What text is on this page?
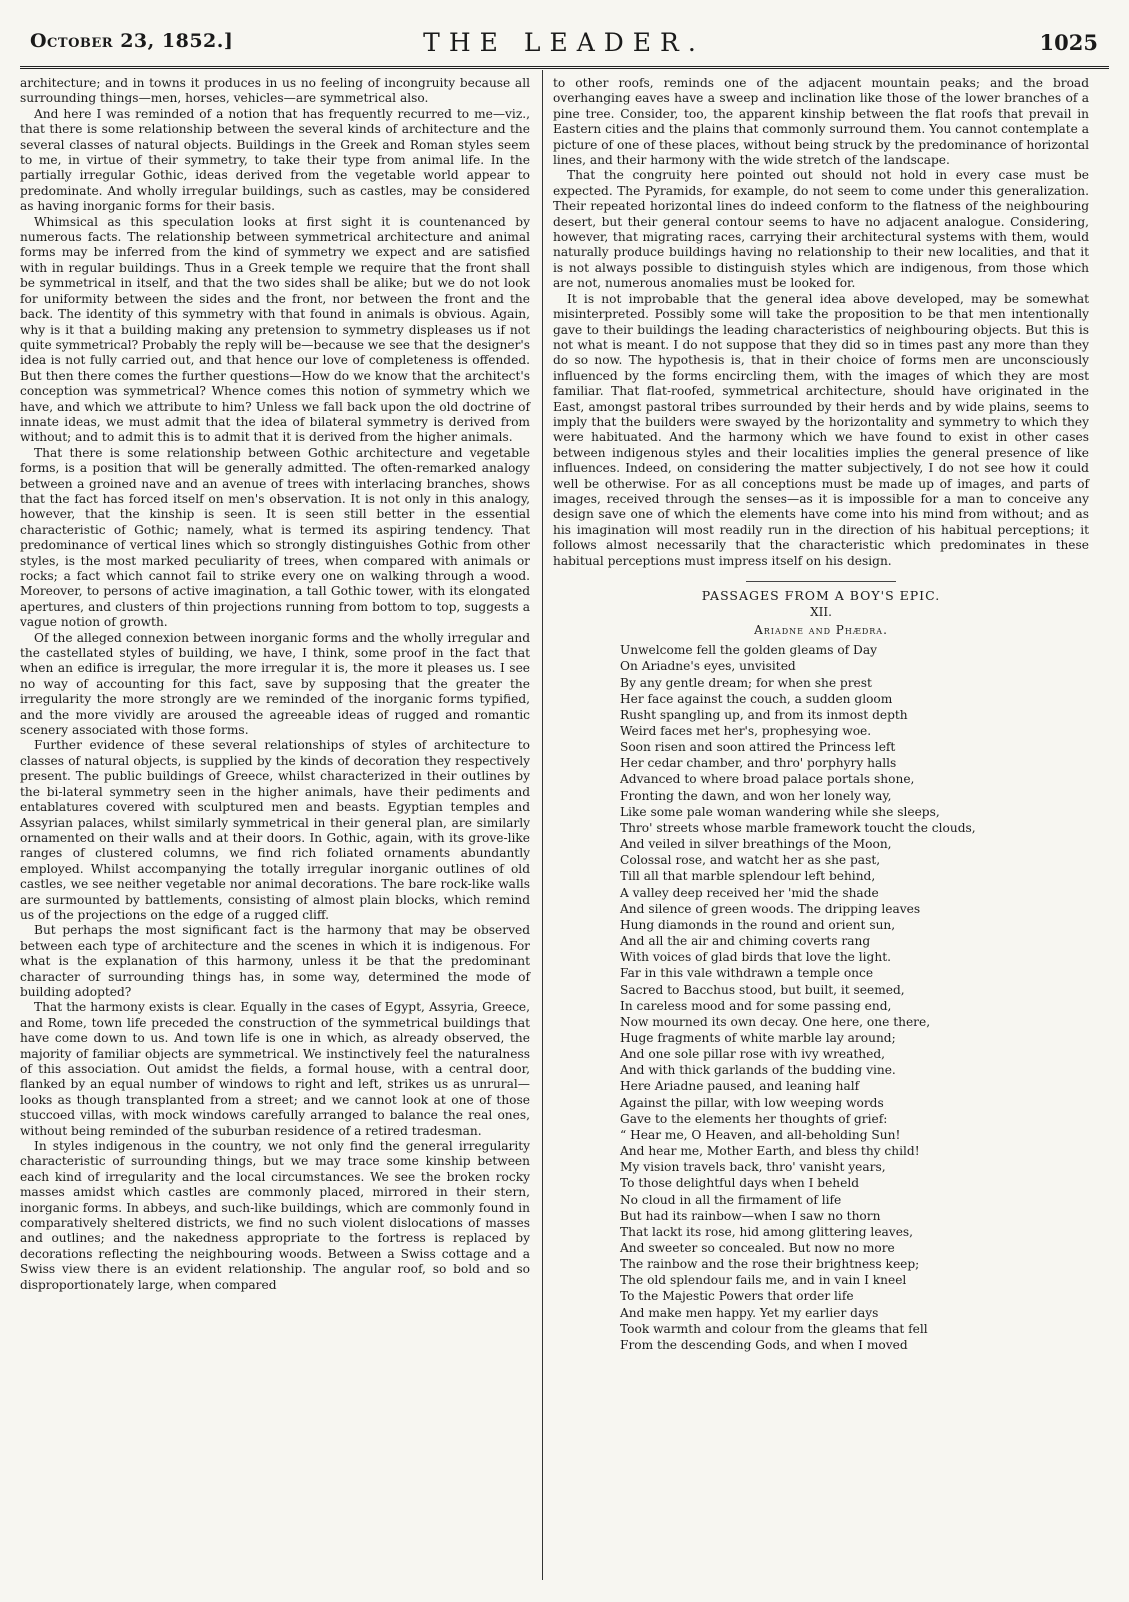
October 23, 1852.]	THE LEADER.	1025

architecture; and in towns it produces in us no feeling of incongruity because all surrounding things—men, horses, vehicles—are symmetrical also.

And here I was reminded of a notion that has frequently recurred to me—viz., that there is some relationship between the several kinds of architecture and the several classes of natural objects. Buildings in the Greek and Roman styles seem to me, in virtue of their symmetry, to take their type from animal life. In the partially irregular Gothic, ideas derived from the vegetable world appear to predominate. And wholly irregular buildings, such as castles, may be considered as having inorganic forms for their basis.

Whimsical as this speculation looks at first sight it is countenanced by numerous facts. The relationship between symmetrical architecture and animal forms may be inferred from the kind of symmetry we expect and are satisfied with in regular buildings. Thus in a Greek temple we require that the front shall be symmetrical in itself, and that the two sides shall be alike; but we do not look for uniformity between the sides and the front, nor between the front and the back. The identity of this symmetry with that found in animals is obvious. Again, why is it that a building making any pretension to symmetry displeases us if not quite symmetrical? Probably the reply will be—because we see that the designer's idea is not fully carried out, and that hence our love of completeness is offended. But then there comes the further questions—How do we know that the architect's conception was symmetrical? Whence comes this notion of symmetry which we have, and which we attribute to him? Unless we fall back upon the old doctrine of innate ideas, we must admit that the idea of bilateral symmetry is derived from without; and to admit this is to admit that it is derived from the higher animals.

That there is some relationship between Gothic architecture and vegetable forms, is a position that will be generally admitted. The often-remarked analogy between a groined nave and an avenue of trees with interlacing branches, shows that the fact has forced itself on men's observation. It is not only in this analogy, however, that the kinship is seen. It is seen still better in the essential characteristic of Gothic; namely, what is termed its aspiring tendency. That predominance of vertical lines which so strongly distinguishes Gothic from other styles, is the most marked peculiarity of trees, when compared with animals or rocks; a fact which cannot fail to strike every one on walking through a wood. Moreover, to persons of active imagination, a tall Gothic tower, with its elongated apertures, and clusters of thin projections running from bottom to top, suggests a vague notion of growth.

Of the alleged connexion between inorganic forms and the wholly irregular and the castellated styles of building, we have, I think, some proof in the fact that when an edifice is irregular, the more irregular it is, the more it pleases us. I see no way of accounting for this fact, save by supposing that the greater the irregularity the more strongly are we reminded of the inorganic forms typified, and the more vividly are aroused the agreeable ideas of rugged and romantic scenery associated with those forms.

Further evidence of these several relationships of styles of architecture to classes of natural objects, is supplied by the kinds of decoration they respectively present. The public buildings of Greece, whilst characterized in their outlines by the bi-lateral symmetry seen in the higher animals, have their pediments and entablatures covered with sculptured men and beasts. Egyptian temples and Assyrian palaces, whilst similarly symmetrical in their general plan, are similarly ornamented on their walls and at their doors. In Gothic, again, with its grove-like ranges of clustered columns, we find rich foliated ornaments abundantly employed. Whilst accompanying the totally irregular inorganic outlines of old castles, we see neither vegetable nor animal decorations. The bare rock-like walls are surmounted by battlements, consisting of almost plain blocks, which remind us of the projections on the edge of a rugged cliff.

But perhaps the most significant fact is the harmony that may be observed between each type of architecture and the scenes in which it is indigenous. For what is the explanation of this harmony, unless it be that the predominant character of surrounding things has, in some way, determined the mode of building adopted?

That the harmony exists is clear. Equally in the cases of Egypt, Assyria, Greece, and Rome, town life preceded the construction of the symmetrical buildings that have come down to us. And town life is one in which, as already observed, the majority of familiar objects are symmetrical. We instinctively feel the naturalness of this association. Out amidst the fields, a formal house, with a central door, flanked by an equal number of windows to right and left, strikes us as unrural—looks as though transplanted from a street; and we cannot look at one of those stuccoed villas, with mock windows carefully arranged to balance the real ones, without being reminded of the suburban residence of a retired tradesman.

In styles indigenous in the country, we not only find the general irregularity characteristic of surrounding things, but we may trace some kinship between each kind of irregularity and the local circumstances. We see the broken rocky masses amidst which castles are commonly placed, mirrored in their stern, inorganic forms. In abbeys, and such-like buildings, which are commonly found in comparatively sheltered districts, we find no such violent dislocations of masses and outlines; and the nakedness appropriate to the fortress is replaced by decorations reflecting the neighbouring woods. Between a Swiss cottage and a Swiss view there is an evident relationship. The angular roof, so bold and so disproportionately large, when compared

to other roofs, reminds one of the adjacent mountain peaks; and the broad overhanging eaves have a sweep and inclination like those of the lower branches of a pine tree. Consider, too, the apparent kinship between the flat roofs that prevail in Eastern cities and the plains that commonly surround them. You cannot contemplate a picture of one of these places, without being struck by the predominance of horizontal lines, and their harmony with the wide stretch of the landscape.

That the congruity here pointed out should not hold in every case must be expected. The Pyramids, for example, do not seem to come under this generalization. Their repeated horizontal lines do indeed conform to the flatness of the neighbouring desert, but their general contour seems to have no adjacent analogue. Considering, however, that migrating races, carrying their architectural systems with them, would naturally produce buildings having no relationship to their new localities, and that it is not always possible to distinguish styles which are indigenous, from those which are not, numerous anomalies must be looked for.

It is not improbable that the general idea above developed, may be somewhat misinterpreted. Possibly some will take the proposition to be that men intentionally gave to their buildings the leading characteristics of neighbouring objects. But this is not what is meant. I do not suppose that they did so in times past any more than they do so now. The hypothesis is, that in their choice of forms men are unconsciously influenced by the forms encircling them, with the images of which they are most familiar. That flat-roofed, symmetrical architecture, should have originated in the East, amongst pastoral tribes surrounded by their herds and by wide plains, seems to imply that the builders were swayed by the horizontality and symmetry to which they were habituated. And the harmony which we have found to exist in other cases between indigenous styles and their localities implies the general presence of like influences. Indeed, on considering the matter subjectively, I do not see how it could well be otherwise. For as all conceptions must be made up of images, and parts of images, received through the senses—as it is impossible for a man to conceive any design save one of which the elements have come into his mind from without; and as his imagination will most readily run in the direction of his habitual perceptions; it follows almost necessarily that the characteristic which predominates in these habitual perceptions must impress itself on his design.

PASSAGES FROM A BOY'S EPIC.
XII.
Ariadne and Phædra.
Unwelcome fell the golden gleams of Day
On Ariadne's eyes, unvisited
By any gentle dream; for when she prest
Her face against the couch, a sudden gloom
Rusht spangling up, and from its inmost depth
Weird faces met her's, prophesying woe.
Soon risen and soon attired the Princess left
Her cedar chamber, and thro' porphyry halls
Advanced to where broad palace portals shone,
Fronting the dawn, and won her lonely way,
Like some pale woman wandering while she sleeps,
Thro' streets whose marble framework toucht the clouds,
And veiled in silver breathings of the Moon,
Colossal rose, and watcht her as she past,
Till all that marble splendour left behind,
A valley deep received her 'mid the shade
And silence of green woods. The dripping leaves
Hung diamonds in the round and orient sun,
And all the air and chiming coverts rang
With voices of glad birds that love the light.
Far in this vale withdrawn a temple once
Sacred to Bacchus stood, but built, it seemed,
In careless mood and for some passing end,
Now mourned its own decay. One here, one there,
Huge fragments of white marble lay around;
And one sole pillar rose with ivy wreathed,
And with thick garlands of the budding vine.
Here Ariadne paused, and leaning half
Against the pillar, with low weeping words
Gave to the elements her thoughts of grief:
“ Hear me, O Heaven, and all-beholding Sun!
And hear me, Mother Earth, and bless thy child!
My vision travels back, thro' vanisht years,
To those delightful days when I beheld
No cloud in all the firmament of life
But had its rainbow—when I saw no thorn
That lackt its rose, hid among glittering leaves,
And sweeter so concealed. But now no more
The rainbow and the rose their brightness keep;
The old splendour fails me, and in vain I kneel
To the Majestic Powers that order life
And make men happy. Yet my earlier days
Took warmth and colour from the gleams that fell
From the descending Gods, and when I moved
